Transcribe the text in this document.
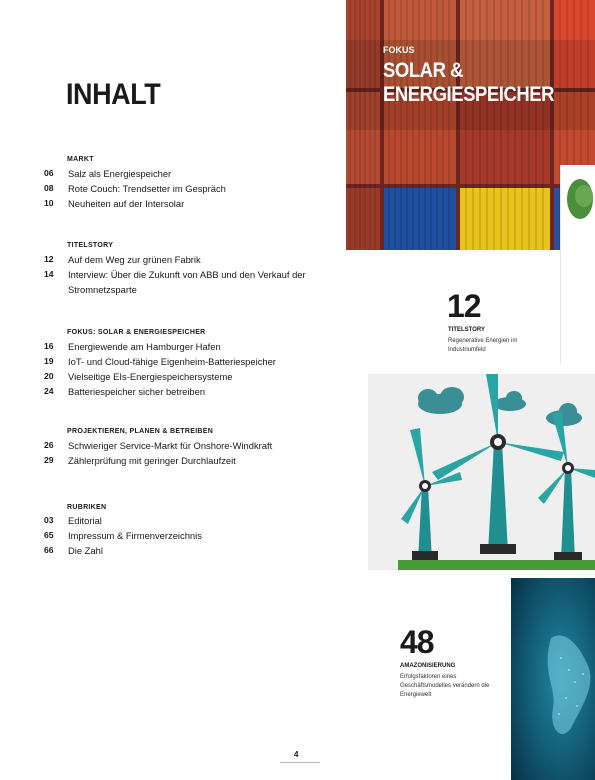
INHALT
MARKT
06	Salz als Energiespeicher
08	Rote Couch: Trendsetter im Gespräch
10	Neuheiten auf der Intersolar
TITELSTORY
12	Auf dem Weg zur grünen Fabrik
14	Interview: Über die Zukunft von ABB und den Verkauf der Stromnetzsparte
FOKUS: SOLAR & ENERGIESPEICHER
16	Energiewende am Hamburger Hafen
19	IoT- und Cloud-fähige Eigenheim-Batteriespeicher
20	Vielseitige EIs-Energiespeichersysteme
24	Batteriespeicher sicher betreiben
PROJEKTIEREN, PLANEN & BETREIBEN
26	Schwieriger Service-Markt für Onshore-Windkraft
29	Zählerprüfung mit geringer Durchlaufzeit
RUBRIKEN
03	Editorial
65	Impressum & Firmenverzeichnis
66	Die Zahl
FOKUS
SOLAR &
ENERGIESPEICHER
12
TITELSTORY
Regenerative Energien im Industriumfeld
48
AMAZONISIERUNG
Erfolgsfaktoren eines Geschäftsmodelles verändern die Energiewelt
4
